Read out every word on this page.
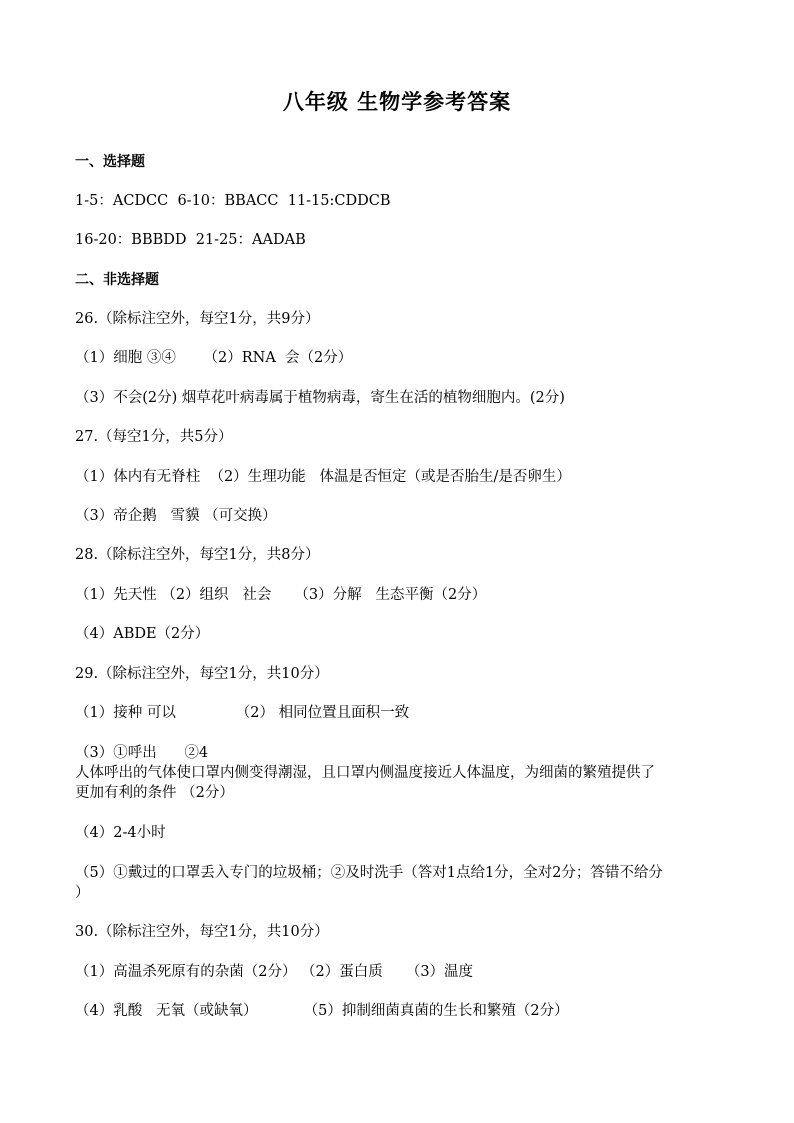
八年级 生物学参考答案
一、选择题
1-5：ACDCC  6-10：BBACC  11-15:CDDCB
16-20：BBBDD  21-25：AADAB
二、非选择题
26.（除标注空外，每空1分，共9分）
（1）细胞 ③④      （2）RNA  会（2分）
（3）不会(2分) 烟草花叶病毒属于植物病毒，寄生在活的植物细胞内。(2分)
27.（每空1分，共5分）
（1）体内有无脊柱  （2）生理功能   体温是否恒定（或是否胎生/是否卵生）
（3）帝企鹅   雪貘 （可交换）
28.（除标注空外，每空1分，共8分）
（1）先天性 （2）组织   社会     （3）分解   生态平衡（2分）
（4）ABDE（2分）
29.（除标注空外，每空1分，共10分）
（1）接种 可以             （2） 相同位置且面积一致
（3）①呼出      ②4
人体呼出的气体使口罩内侧变得潮湿，且口罩内侧温度接近人体温度，为细菌的繁殖提供了
更加有利的条件 （2分）
（4）2-4小时
（5）①戴过的口罩丢入专门的垃圾桶；②及时洗手（答对1点给1分，全对2分；答错不给分
）
30.（除标注空外，每空1分，共10分）
（1）高温杀死原有的杂菌（2分） （2）蛋白质     （3）温度
（4）乳酸   无氧（或缺氧）          （5）抑制细菌真菌的生长和繁殖（2分）
